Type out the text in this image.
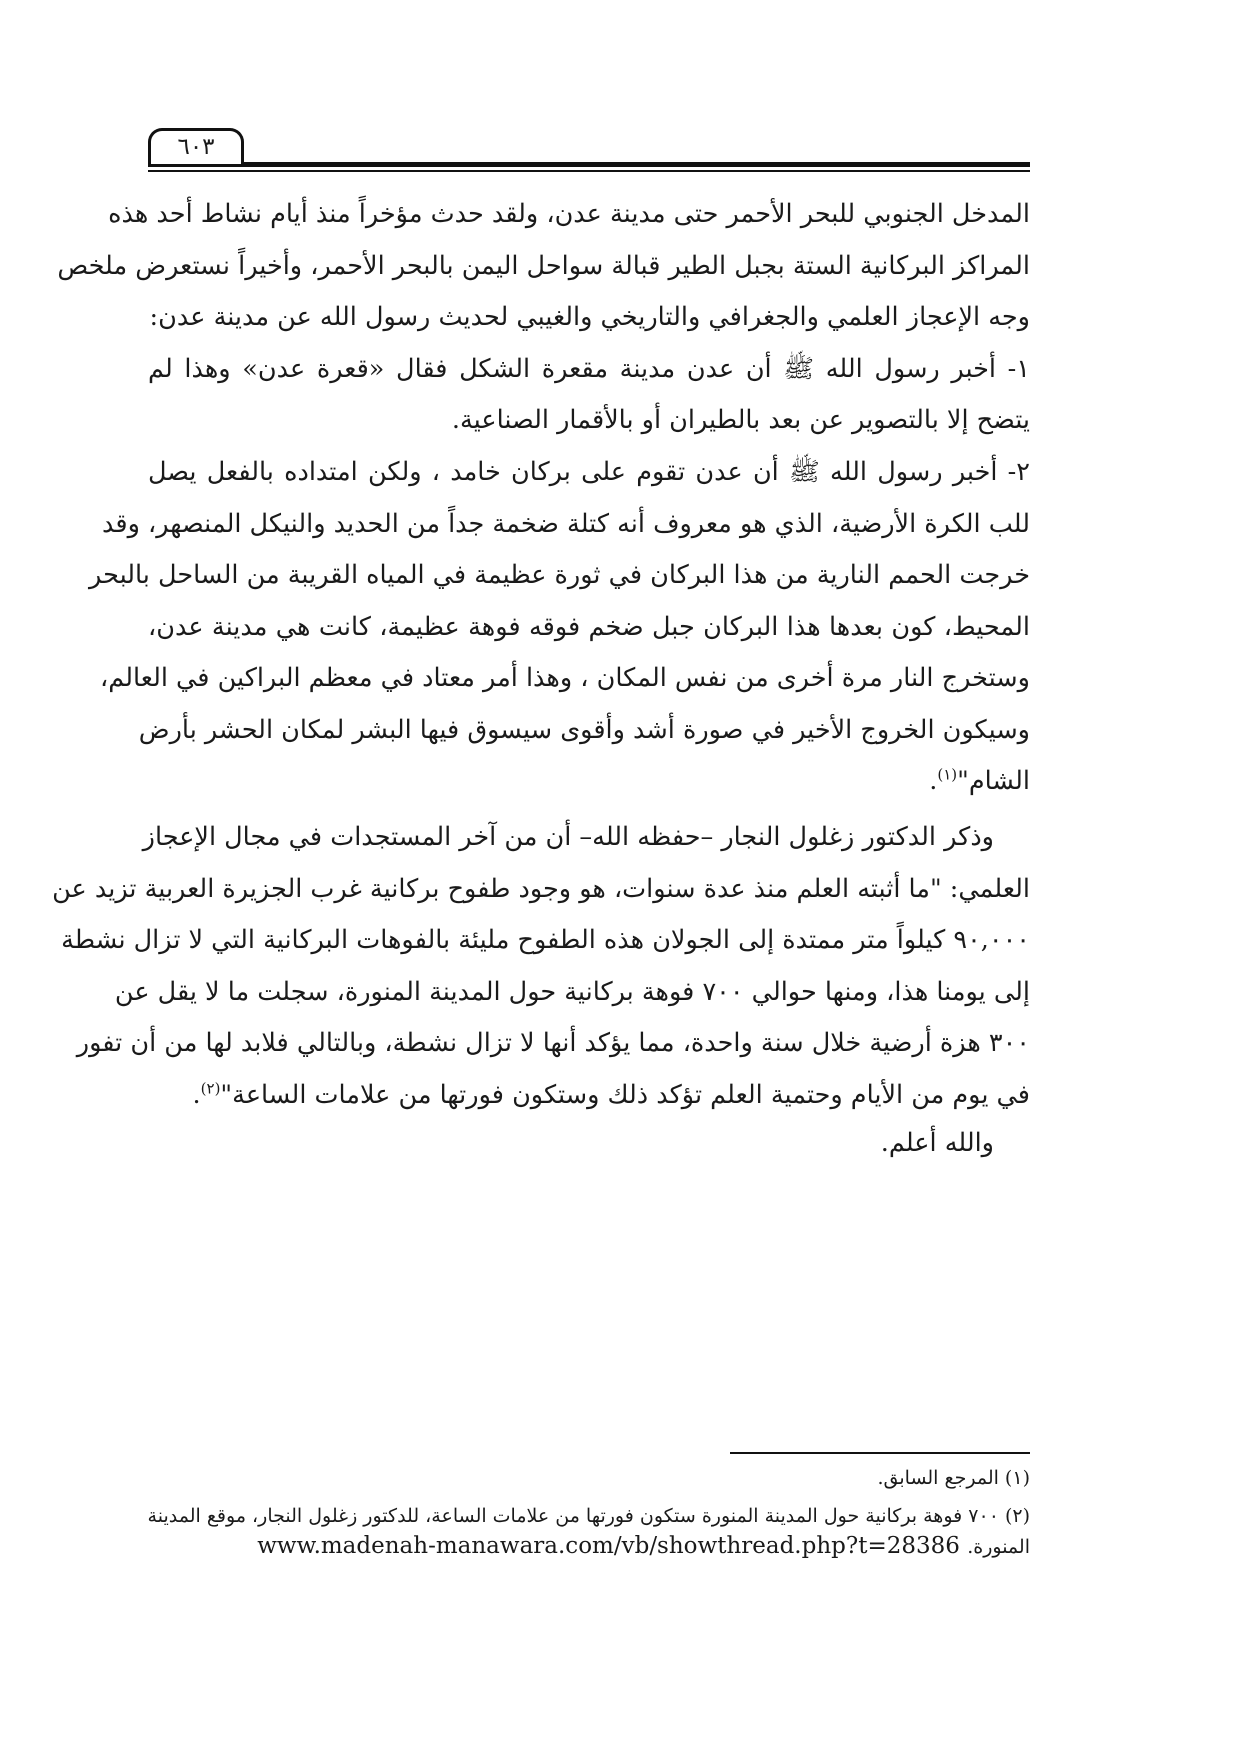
٦٠٣

المدخل الجنوبي للبحر الأحمر حتى مدينة عدن، ولقد حدث مؤخراً منذ أيام نشاط أحد هذه

المراكز البركانية الستة بجبل الطير قبالة سواحل اليمن بالبحر الأحمر، وأخيراً نستعرض ملخص

وجه الإعجاز العلمي والجغرافي والتاريخي والغيبي لحديث رسول الله عن مدينة عدن:

١- أخبر رسول الله ﷺ أن عدن مدينة مقعرة الشكل فقال «قعرة عدن» وهذا لم

يتضح إلا بالتصوير عن بعد بالطيران أو بالأقمار الصناعية.

٢- أخبر رسول الله ﷺ أن عدن تقوم على بركان خامد ، ولكن امتداده بالفعل يصل

للب الكرة الأرضية، الذي هو معروف أنه كتلة ضخمة جداً من الحديد والنيكل المنصهر، وقد

خرجت الحمم النارية من هذا البركان في ثورة عظيمة في المياه القريبة من الساحل بالبحر

المحيط، كون بعدها هذا البركان جبل ضخم فوقه فوهة عظيمة، كانت هي مدينة عدن،

وستخرج النار مرة أخرى من نفس المكان ، وهذا أمر معتاد في معظم البراكين في العالم،

وسيكون الخروج الأخير في صورة أشد وأقوى سيسوق فيها البشر لمكان الحشر بأرض

الشام"$^{(١)}$.

وذكر الدكتور زغلول النجار –حفظه الله– أن من آخر المستجدات في مجال الإعجاز

العلمي: "ما أثبته العلم منذ عدة سنوات، هو وجود طفوح بركانية غرب الجزيرة العربية تزيد عن

٩٠,٠٠٠ كيلواً متر ممتدة إلى الجولان هذه الطفوح مليئة بالفوهات البركانية التي لا تزال نشطة

إلى يومنا هذا، ومنها حوالي ٧٠٠ فوهة بركانية حول المدينة المنورة، سجلت ما لا يقل عن

٣٠٠ هزة أرضية خلال سنة واحدة، مما يؤكد أنها لا تزال نشطة، وبالتالي فلابد لها من أن تفور

في يوم من الأيام وحتمية العلم تؤكد ذلك وستكون فورتها من علامات الساعة"$^{(٢)}$.

والله أعلم.

(١) المرجع السابق.

(٢) ٧٠٠ فوهة بركانية حول المدينة المنورة ستكون فورتها من علامات الساعة، للدكتور زغلول النجار، موقع المدينة

المنورة. www.madenah-manawara.com/vb/showthread.php?t=28386
